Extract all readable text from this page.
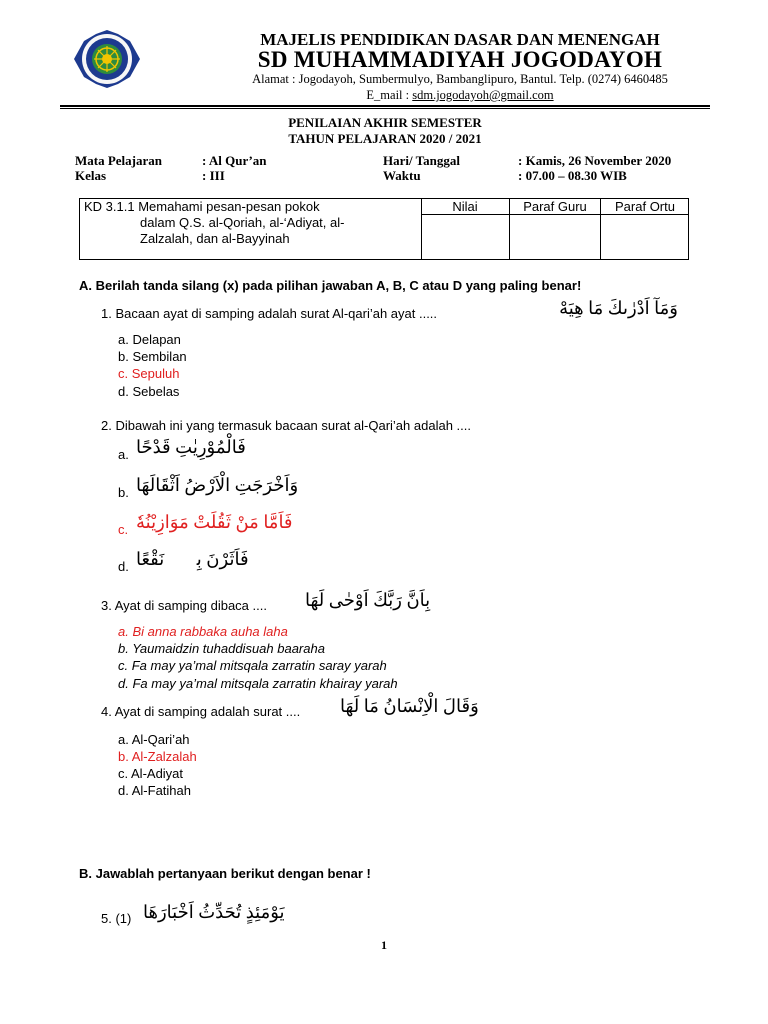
MAJELIS PENDIDIKAN DASAR DAN MENENGAH
SD MUHAMMADIYAH JOGODAYOH
Alamat : Jogodayoh, Sumbermulyo, Bambanglipuro, Bantul. Telp. (0274) 6460485
E_mail : sdm.jogodayoh@gmail.com
PENILAIAN AKHIR SEMESTER
TAHUN PELAJARAN 2020 / 2021
Mata Pelajaran	: Al Qur’an
Kelas	: III
Hari/ Tanggal	: Kamis, 26 November 2020
Waktu	: 07.00 – 08.30 WIB
Nilai	Paraf Guru	Paraf Ortu
KD 3.1.1 Memahami pesan-pesan pokok
dalam Q.S. al-Qoriah, al-‘Adiyat, al-
Zalzalah, dan al-Bayyinah
A. Berilah tanda silang (x) pada pilihan jawaban A, B, C atau D yang paling benar!
1. Bacaan ayat di samping adalah surat Al-qari’ah ayat .....	وَمَآ اَدْرٰىكَ مَا هِيَهْ
a. Delapan
b. Sembilan
c. Sepuluh
d. Sebelas
2. Dibawah ini yang termasuk bacaan surat al-Qari’ah adalah ....
a. فَالْمُوْرِيٰتِ قَدْحًا
b. وَاَخْرَجَتِ الْاَرْضُ اَثْقَالَهَا
c. فَاَمَّا مَنْ ثَقُلَتْ مَوَازِيْنُهٗ
d. فَاَثَرْنَ بِهٖ نَقْعًا
3. Ayat di samping dibaca .... بِاَنَّ رَبَّكَ اَوْحٰى لَهَا
a. Bi anna rabbaka auha laha
b. Yaumaidzin tuhaddisuah baaraha
c. Fa may ya’mal mitsqala zarratin saray yarah
d. Fa may ya’mal mitsqala zarratin khairay yarah
4. Ayat di samping adalah surat .... وَقَالَ الْاِنْسَانُ مَا لَهَا
a. Al-Qari’ah
b. Al-Zalzalah
c. Al-Adiyat
d. Al-Fatihah
B. Jawablah pertanyaan berikut dengan benar !
5. (1) يَوْمَئِذٍ تُحَدِّثُ اَخْبَارَهَا
1
